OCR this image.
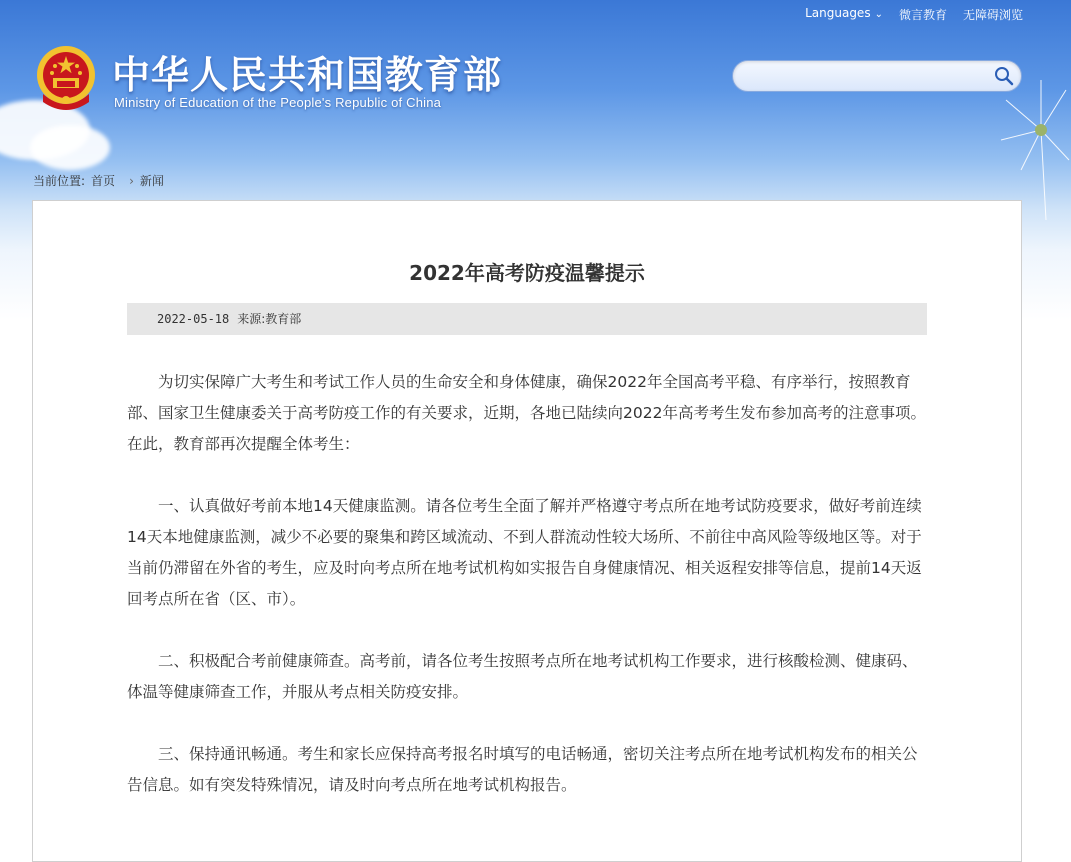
Languages ⌄ 微言教育 无障碍浏览
中华人民共和国教育部
Ministry of Education of the People's Republic of China
当前位置: 首页 › 新闻
2022年高考防疫温馨提示
2022-05-18 来源:教育部

为切实保障广大考生和考试工作人员的生命安全和身体健康，确保2022年全国高考平稳、有序举行，按照教育部、国家卫生健康委关于高考防疫工作的有关要求，近期，各地已陆续向2022年高考考生发布参加高考的注意事项。在此，教育部再次提醒全体考生：

一、认真做好考前本地14天健康监测。请各位考生全面了解并严格遵守考点所在地考试防疫要求，做好考前连续14天本地健康监测，减少不必要的聚集和跨区域流动、不到人群流动性较大场所、不前往中高风险等级地区等。对于当前仍滞留在外省的考生，应及时向考点所在地考试机构如实报告自身健康情况、相关返程安排等信息，提前14天返回考点所在省（区、市）。

二、积极配合考前健康筛查。高考前，请各位考生按照考点所在地考试机构工作要求，进行核酸检测、健康码、体温等健康筛查工作，并服从考点相关防疫安排。

三、保持通讯畅通。考生和家长应保持高考报名时填写的电话畅通，密切关注考点所在地考试机构发布的相关公告信息。如有突发特殊情况，请及时向考点所在地考试机构报告。
